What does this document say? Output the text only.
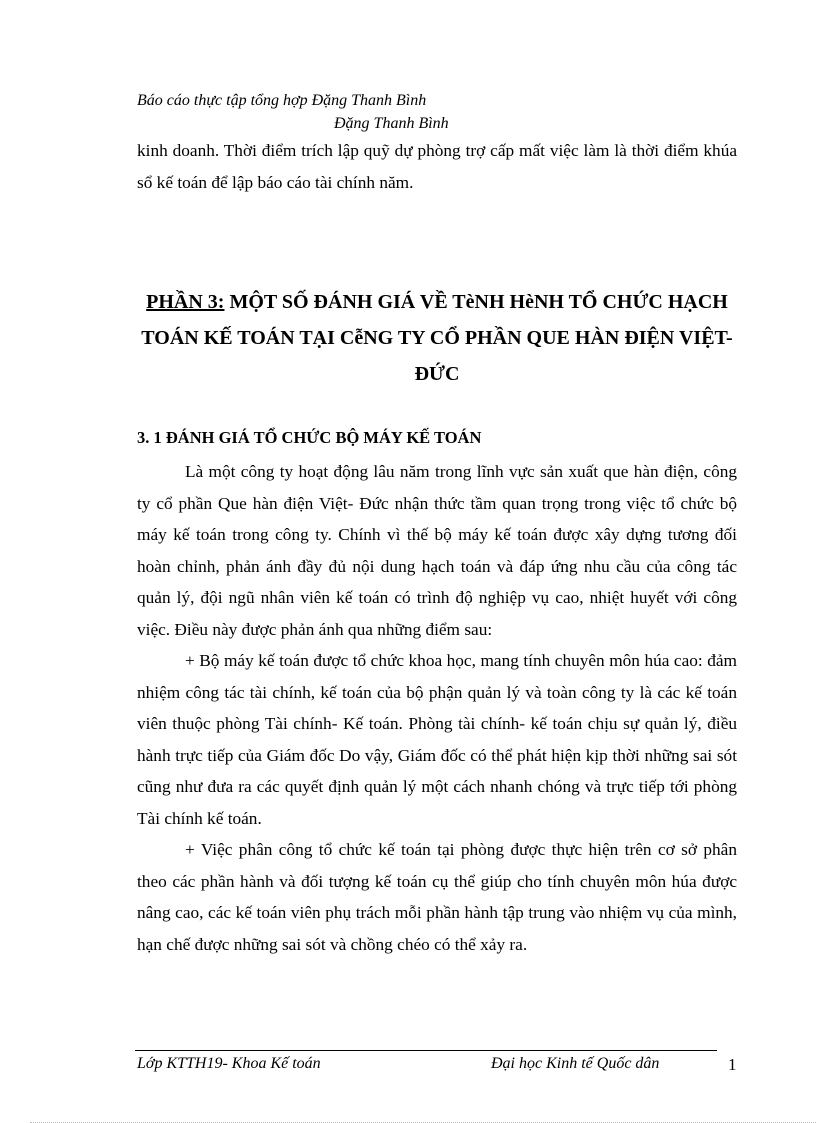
Báo cáo thực tập tổng hợp Đặng Thanh Bình
Đặng Thanh Bình
kinh doanh. Thời điểm trích lập quỹ dự phòng trợ cấp mất việc làm là thời điểm khúa sổ kế toán để lập báo cáo tài chính năm.
PHẦN 3: MỘT SỐ ĐÁNH GIÁ VỀ TèNH HèNH TỔ CHỨC HẠCH TOÁN KẾ TOÁN TẠI CễNG TY CỔ PHẦN QUE HÀN ĐIỆN VIỆT- ĐỨC
3. 1 ĐÁNH GIÁ TỔ CHỨC BỘ MÁY KẾ TOÁN

Là một công ty hoạt động lâu năm trong lĩnh vực sản xuất que hàn điện, công ty cổ phần Que hàn điện Việt- Đức nhận thức tầm quan trọng trong việc tổ chức bộ máy kế toán trong công ty. Chính vì thế bộ máy kế toán được xây dựng tương đối hoàn chỉnh, phản ánh đầy đủ nội dung hạch toán và đáp ứng nhu cầu của công tác quản lý, đội ngũ nhân viên kế toán có trình độ nghiệp vụ cao, nhiệt huyết với công việc. Điều này được phản ánh qua những điểm sau:

+ Bộ máy kế toán được tổ chức khoa học, mang tính chuyên môn húa cao: đảm nhiệm công tác tài chính, kế toán của bộ phận quản lý và toàn công ty là các kế toán viên thuộc phòng Tài chính- Kế toán. Phòng tài chính- kế toán chịu sự quản lý, điều hành trực tiếp của Giám đốc Do vậy, Giám đốc có thể phát hiện kịp thời những sai sót cũng như đưa ra các quyết định quản lý một cách nhanh chóng và trực tiếp tới phòng Tài chính kế toán.

+ Việc phân công tổ chức kế toán tại phòng được thực hiện trên cơ sở phân theo các phần hành và đối tượng kế toán cụ thể giúp cho tính chuyên môn húa được nâng cao, các kế toán viên phụ trách mỗi phần hành tập trung vào nhiệm vụ của mình, hạn chế được những sai sót và chồng chéo có thể xảy ra.

Lớp KTTH19- Khoa Kế toán	Đại học Kinh tế Quốc dân	1
